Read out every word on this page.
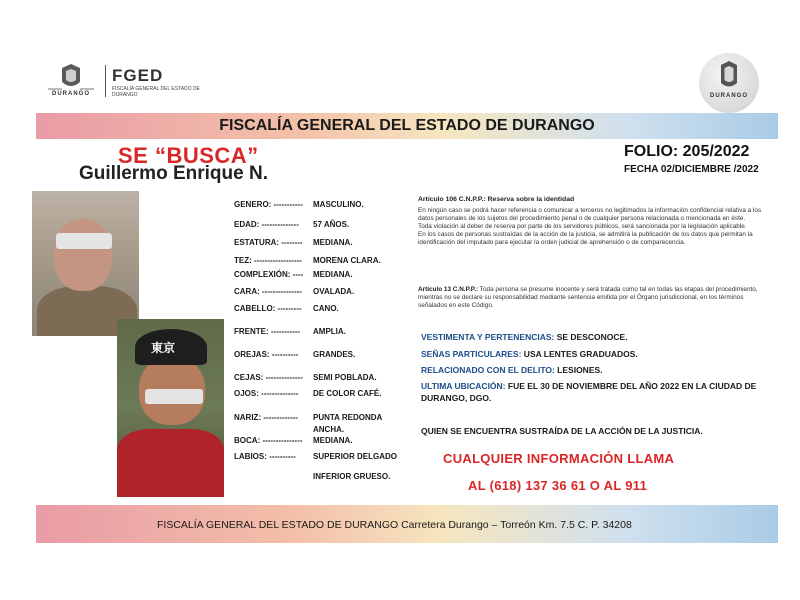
DURANGO
FGED
FISCALÍA GENERAL DEL ESTADO DE DURANGO	DURANGO
FISCALÍA GENERAL DEL ESTADO DE DURANGO
SE “BUSCA”
Guillermo Enrique N.
FOLIO: 205/2022
FECHA 02/DICIEMBRE /2022
東京
GENERO: ----------- MASCULINO.
EDAD: -------------- 57 AÑOS.
ESTATURA: -------- MEDIANA.
TEZ: ------------------ MORENA CLARA.
COMPLEXIÓN: ---- MEDIANA.
CARA: --------------- OVALADA.
CABELLO: --------- CANO.
FRENTE: ----------- AMPLIA.
OREJAS: ---------- GRANDES.
CEJAS: -------------- SEMI POBLADA.
OJOS: -------------- DE COLOR CAFÉ.
NARIZ: ------------- PUNTA REDONDA
ANCHA.
BOCA: --------------- MEDIANA.
LABIOS: ---------- SUPERIOR DELGADO
INFERIOR GRUESO.
Artículo 106 C.N.P.P.: Reserva sobre la identidad
En ningún caso se podrá hacer referencia o comunicar a terceros no legitimados la información confidencial relativa a los datos personales de los sujetos del procedimiento penal o de cualquier persona relacionada o mencionada en éste.
Toda violación al deber de reserva por parte de los servidores públicos, será sancionada por la legislación aplicable.
En los casos de personas sustraídas de la acción de la justicia, se admitirá la publicación de los datos que permitan la identificación del imputado para ejecutar la orden judicial de aprehensión o de comparecencia.
Artículo 13 C.N.P.P.: Toda persona se presume inocente y será tratada como tal en todas las etapas del procedimiento, mientras no se declare su responsabilidad mediante sentencia emitida por el Órgano jurisdiccional, en los términos señalados en este Código.
VESTIMENTA Y PERTENENCIAS: SE DESCONOCE.
SEÑAS PARTICULARES: USA LENTES GRADUADOS.
RELACIONADO CON EL DELITO: LESIONES.
ULTIMA UBICACIÓN: FUE EL 30 DE NOVIEMBRE DEL AÑO 2022 EN LA CIUDAD DE DURANGO, DGO.
QUIEN SE ENCUENTRA SUSTRAÍDA DE LA ACCIÓN DE LA JUSTICIA.
CUALQUIER INFORMACIÓN LLAMA
AL (618) 137 36 61 O AL 911
FISCALÍA GENERAL DEL ESTADO DE DURANGO Carretera Durango – Torreón Km. 7.5 C. P. 34208
